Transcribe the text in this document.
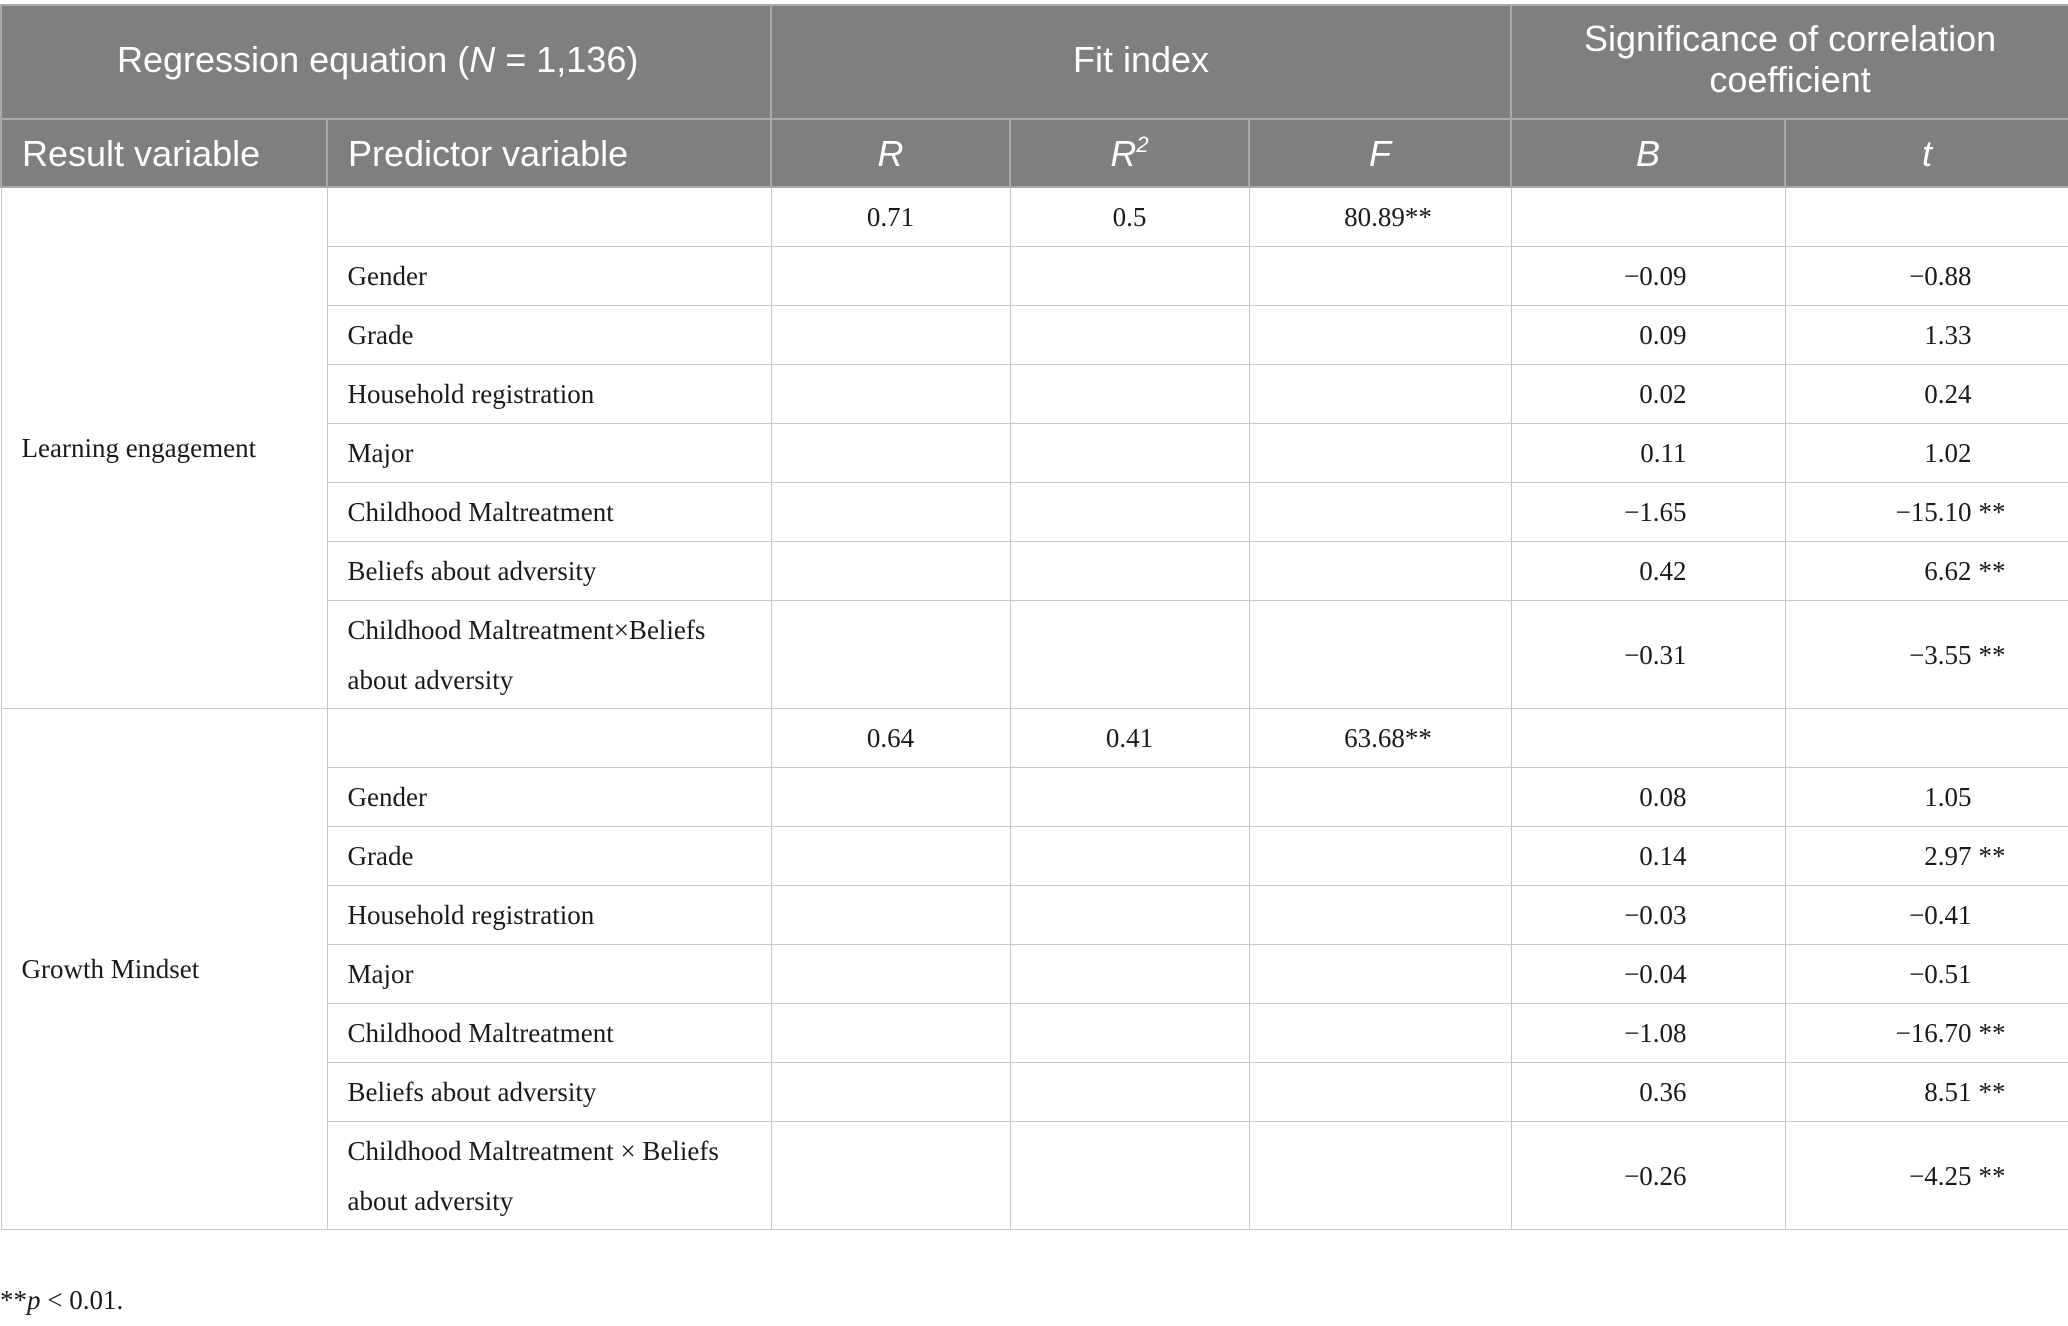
Regression equation (N = 1,136)		Fit index			Significance of correlation coefficient	
Result variable	Predictor variable	R	$R^2$	F	B	t
Learning engagement		0.71	0.5	80.89**		
	Gender				−0.09	−0.88
	Grade				0.09	1.33
	Household registration				0.02	0.24
	Major				0.11	1.02
	Childhood Maltreatment				−1.65	−15.10 **
	Beliefs about adversity				0.42	6.62 **
	Childhood Maltreatment×Beliefs about adversity				−0.31	−3.55 **
Growth Mindset		0.64	0.41	63.68**		
	Gender				0.08	1.05
	Grade				0.14	2.97 **
	Household registration				−0.03	−0.41
	Major				−0.04	−0.51
	Childhood Maltreatment				−1.08	−16.70 **
	Beliefs about adversity				0.36	8.51 **
	Childhood Maltreatment × Beliefs about adversity				−0.26	−4.25 **
**p < 0.01.
